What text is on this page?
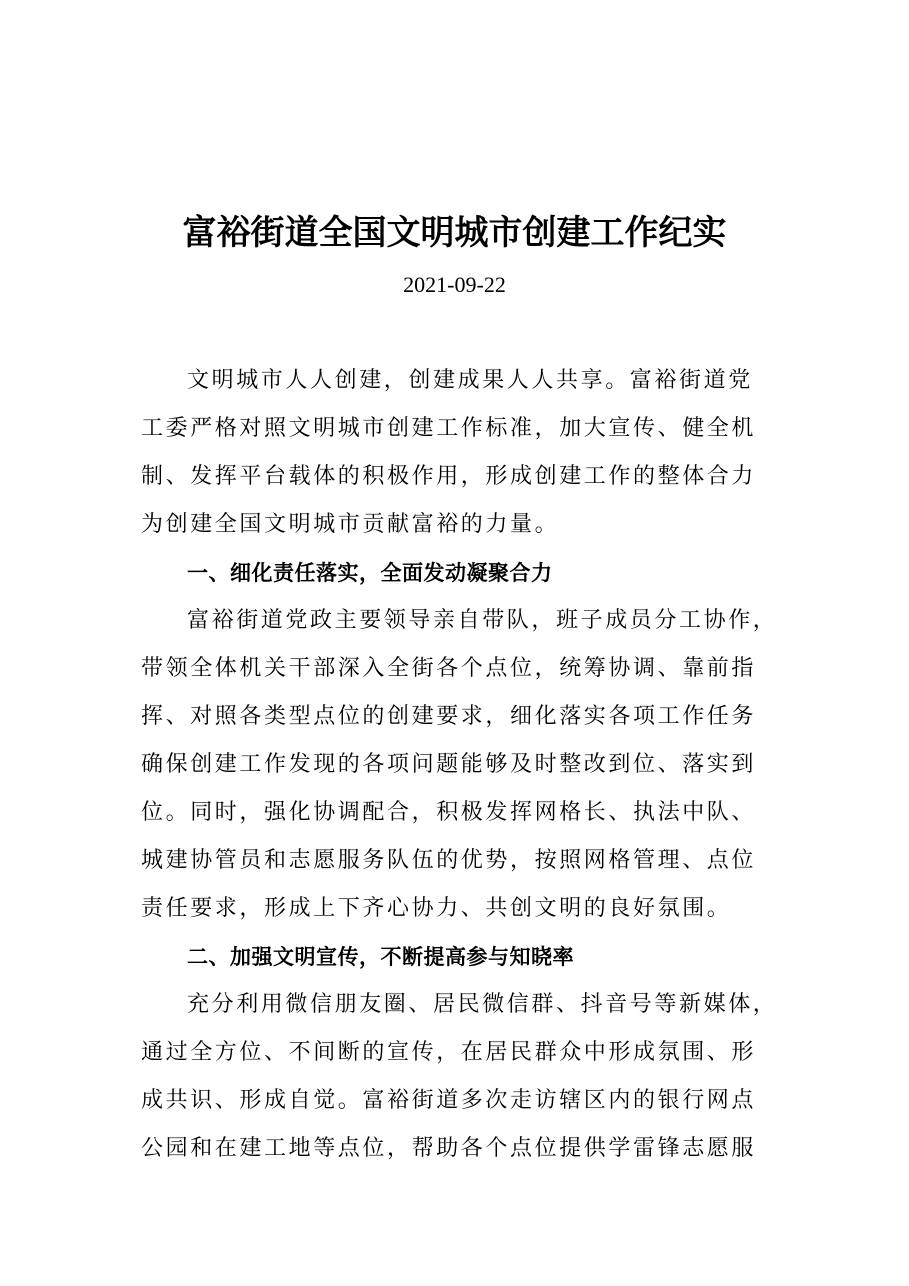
富裕街道全国文明城市创建工作纪实
2021-09-22
文明城市人人创建，创建成果人人共享。富裕街道党
工委严格对照文明城市创建工作标准，加大宣传、健全机
制、发挥平台载体的积极作用，形成创建工作的整体合力
为创建全国文明城市贡献富裕的力量。
一、细化责任落实，全面发动凝聚合力
富裕街道党政主要领导亲自带队，班子成员分工协作，
带领全体机关干部深入全街各个点位，统筹协调、靠前指
挥、对照各类型点位的创建要求，细化落实各项工作任务
确保创建工作发现的各项问题能够及时整改到位、落实到
位。同时，强化协调配合，积极发挥网格长、执法中队、
城建协管员和志愿服务队伍的优势，按照网格管理、点位
责任要求，形成上下齐心协力、共创文明的良好氛围。
二、加强文明宣传，不断提高参与知晓率
充分利用微信朋友圈、居民微信群、抖音号等新媒体，
通过全方位、不间断的宣传，在居民群众中形成氛围、形
成共识、形成自觉。富裕街道多次走访辖区内的银行网点
公园和在建工地等点位，帮助各个点位提供学雷锋志愿服
